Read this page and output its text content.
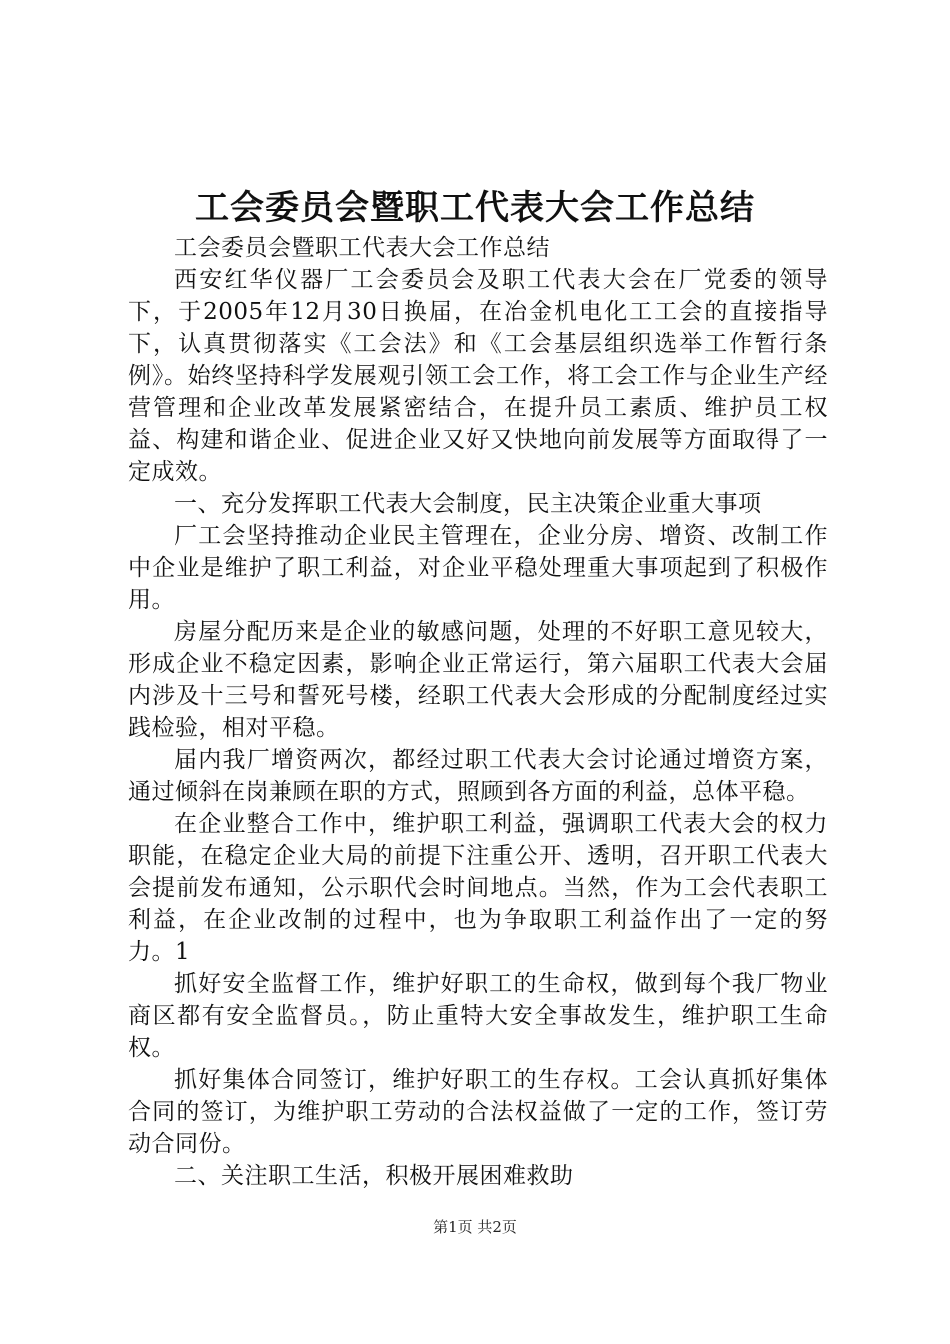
工会委员会暨职工代表大会工作总结

工会委员会暨职工代表大会工作总结

西安红华仪器厂工会委员会及职工代表大会在厂党委的领导下，于2005年12月30日换届，在冶金机电化工工会的直接指导下，认真贯彻落实《工会法》和《工会基层组织选举工作暂行条例》。始终坚持科学发展观引领工会工作，将工会工作与企业生产经营管理和企业改革发展紧密结合，在提升员工素质、维护员工权益、构建和谐企业、促进企业又好又快地向前发展等方面取得了一定成效。

一、充分发挥职工代表大会制度，民主决策企业重大事项

厂工会坚持推动企业民主管理在，企业分房、增资、改制工作中企业是维护了职工利益，对企业平稳处理重大事项起到了积极作用。

房屋分配历来是企业的敏感问题，处理的不好职工意见较大，形成企业不稳定因素，影响企业正常运行，第六届职工代表大会届内涉及十三号和誓死号楼，经职工代表大会形成的分配制度经过实践检验，相对平稳。

届内我厂增资两次，都经过职工代表大会讨论通过增资方案，通过倾斜在岗兼顾在职的方式，照顾到各方面的利益，总体平稳。

在企业整合工作中，维护职工利益，强调职工代表大会的权力职能，在稳定企业大局的前提下注重公开、透明，召开职工代表大会提前发布通知，公示职代会时间地点。当然，作为工会代表职工利益，在企业改制的过程中，也为争取职工利益作出了一定的努力。1

抓好安全监督工作，维护好职工的生命权，做到每个我厂物业商区都有安全监督员。，防止重特大安全事故发生，维护职工生命权。

抓好集体合同签订，维护好职工的生存权。工会认真抓好集体合同的签订，为维护职工劳动的合法权益做了一定的工作，签订劳动合同份。

二、关注职工生活，积极开展困难救助

第1页 共2页
